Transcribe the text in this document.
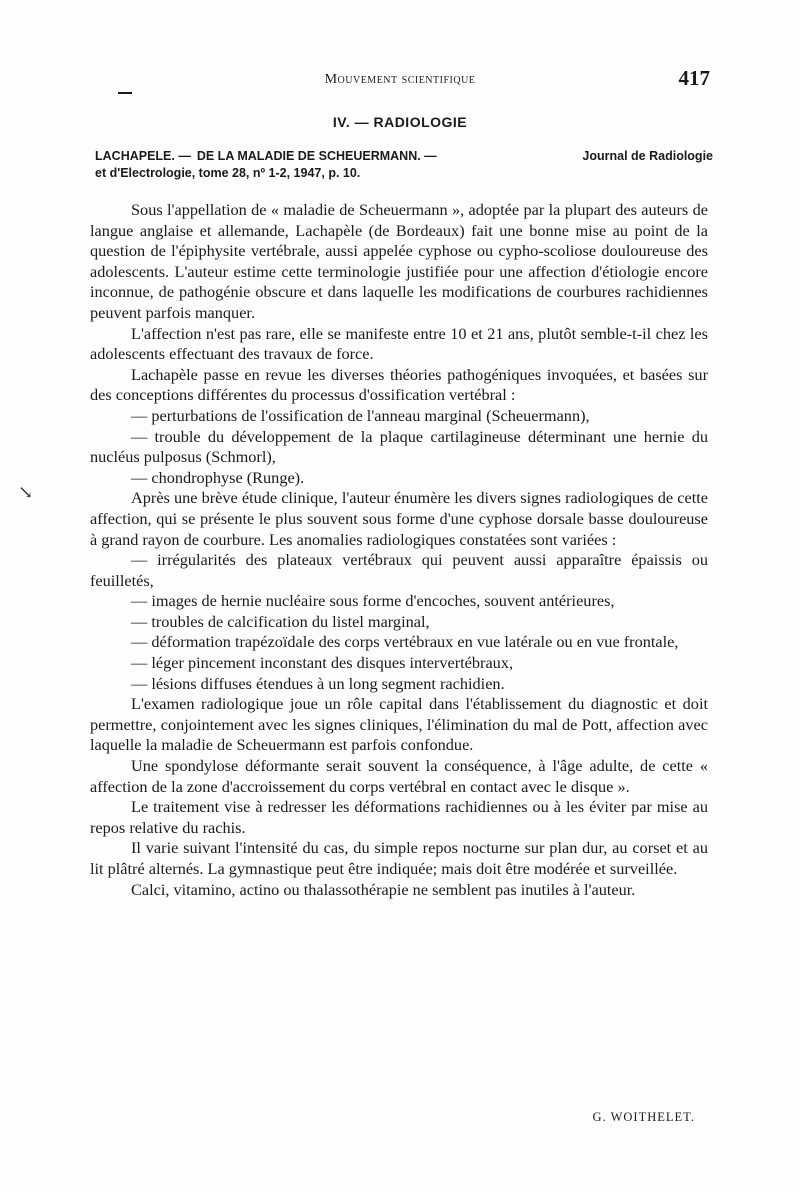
Mouvement scientifique	417
IV. — RADIOLOGIE
LACHAPELE. — DE LA MALADIE DE SCHEUERMANN. —	Journal de Radiologie
et d'Electrologie, tome 28, nº 1-2, 1947, p. 10.

Sous l'appellation de « maladie de Scheuermann », adoptée par la plupart des auteurs de langue anglaise et allemande, Lachapèle (de Bordeaux) fait une bonne mise au point de la question de l'épiphysite vertébrale, aussi appelée cyphose ou cypho-scoliose douloureuse des adolescents. L'auteur estime cette terminologie justifiée pour une affection d'étiologie encore inconnue, de pathogénie obscure et dans laquelle les modifications de courbures rachidiennes peuvent parfois manquer.

L'affection n'est pas rare, elle se manifeste entre 10 et 21 ans, plutôt semble-t-il chez les adolescents effectuant des travaux de force.

Lachapèle passe en revue les diverses théories pathogéniques invoquées, et basées sur des conceptions différentes du processus d'ossification vertébral :

— perturbations de l'ossification de l'anneau marginal (Scheuermann),

— trouble du développement de la plaque cartilagineuse déterminant une hernie du nucléus pulposus (Schmorl),

— chondrophyse (Runge).

Après une brève étude clinique, l'auteur énumère les divers signes radiologiques de cette affection, qui se présente le plus souvent sous forme d'une cyphose dorsale basse douloureuse à grand rayon de courbure. Les anomalies radiologiques constatées sont variées :

— irrégularités des plateaux vertébraux qui peuvent aussi apparaître épaissis ou feuilletés,

— images de hernie nucléaire sous forme d'encoches, souvent antérieures,

— troubles de calcification du listel marginal,

— déformation trapézoïdale des corps vertébraux en vue latérale ou en vue frontale,

— léger pincement inconstant des disques intervertébraux,

— lésions diffuses étendues à un long segment rachidien.

L'examen radiologique joue un rôle capital dans l'établissement du diagnostic et doit permettre, conjointement avec les signes cliniques, l'élimination du mal de Pott, affection avec laquelle la maladie de Scheuermann est parfois confondue.

Une spondylose déformante serait souvent la conséquence, à l'âge adulte, de cette « affection de la zone d'accroissement du corps vertébral en contact avec le disque ».

Le traitement vise à redresser les déformations rachidiennes ou à les éviter par mise au repos relative du rachis.

Il varie suivant l'intensité du cas, du simple repos nocturne sur plan dur, au corset et au lit plâtré alternés. La gymnastique peut être indiquée; mais doit être modérée et surveillée.

Calci, vitamino, actino ou thalassothérapie ne semblent pas inutiles à l'auteur.

G. WOITHELET.
↘
